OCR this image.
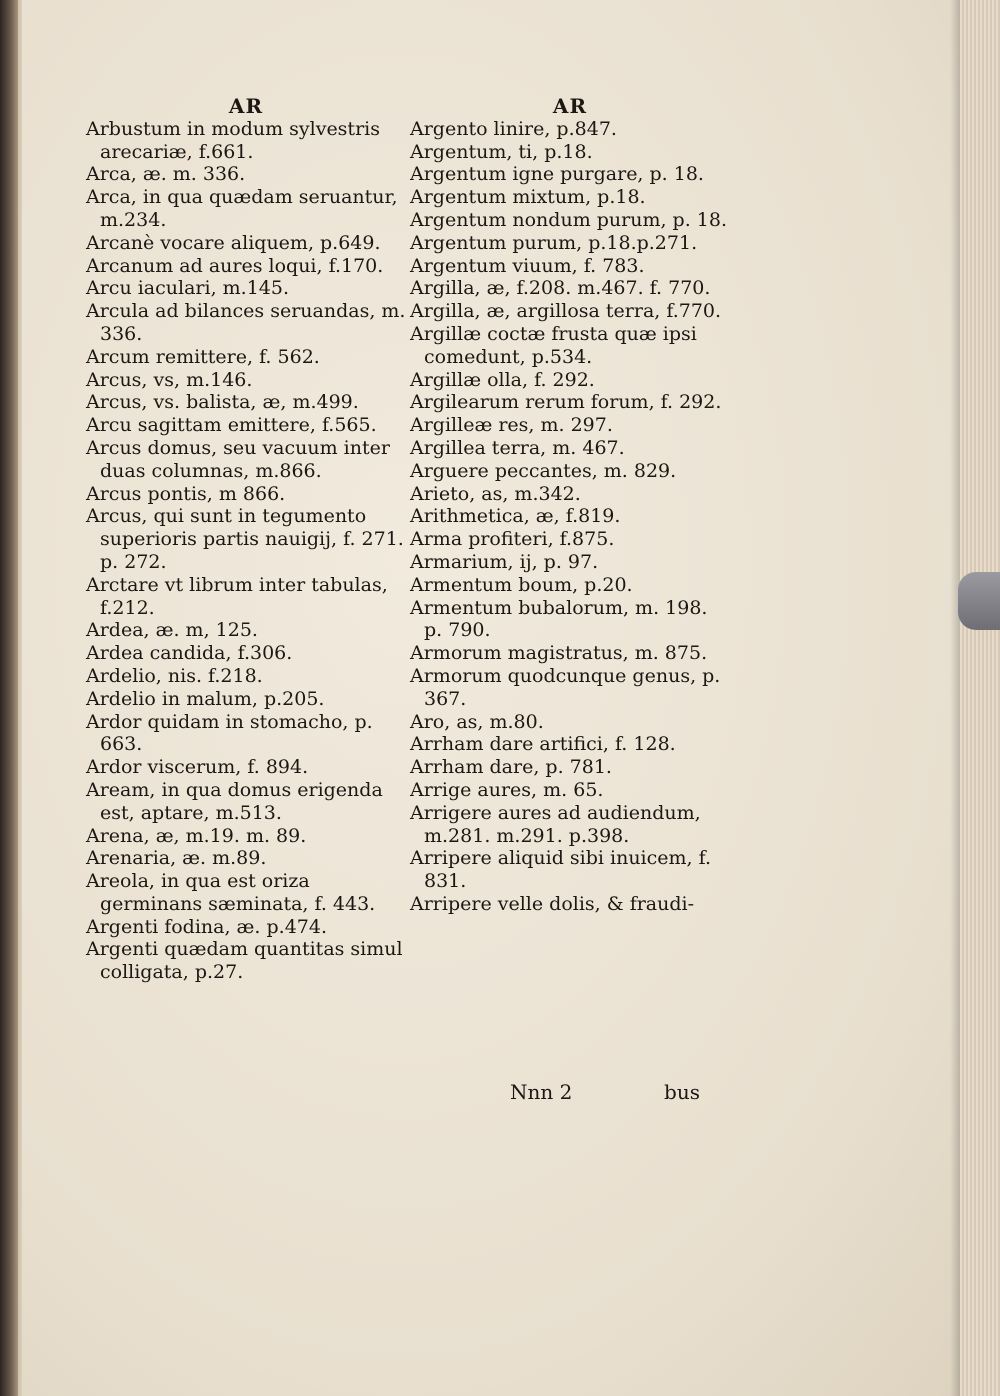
AR

Arbustum in modum sylvestris arecariæ, f.661.

Arca, æ. m. 336.

Arca, in qua quædam seruantur, m.234.

Arcanè vocare aliquem, p.649.

Arcanum ad aures loqui, f.170.

Arcu iaculari, m.145.

Arcula ad bilances seruandas, m. 336.

Arcum remittere, f. 562.

Arcus, vs, m.146.

Arcus, vs. balista, æ, m.499.

Arcu sagittam emittere, f.565.

Arcus domus, seu vacuum inter duas columnas, m.866.

Arcus pontis, m 866.

Arcus, qui sunt in tegumento superioris partis nauigij, f. 271. p. 272.

Arctare vt librum inter tabulas, f.212.

Ardea, æ. m, 125.

Ardea candida, f.306.

Ardelio, nis. f.218.

Ardelio in malum, p.205.

Ardor quidam in stomacho, p. 663.

Ardor viscerum, f. 894.

Aream, in qua domus erigenda est, aptare, m.513.

Arena, æ, m.19. m. 89.

Arenaria, æ. m.89.

Areola, in qua est oriza germinans sæminata, f. 443.

Argenti fodina, æ. p.474.

Argenti quædam quantitas simul colligata, p.27.

AR

Argento linire, p.847.

Argentum, ti, p.18.

Argentum igne purgare, p. 18.

Argentum mixtum, p.18.

Argentum nondum purum, p. 18.

Argentum purum, p.18.p.271.

Argentum viuum, f. 783.

Argilla, æ, f.208. m.467. f. 770.

Argilla, æ, argillosa terra, f.770.

Argillæ coctæ frusta quæ ipsi comedunt, p.534.

Argillæ olla, f. 292.

Argilearum rerum forum, f. 292.

Argilleæ res, m. 297.

Argillea terra, m. 467.

Arguere peccantes, m. 829.

Arieto, as, m.342.

Arithmetica, æ, f.819.

Arma profiteri, f.875.

Armarium, ij, p. 97.

Armentum boum, p.20.

Armentum bubalorum, m. 198. p. 790.

Armorum magistratus, m. 875.

Armorum quodcunque genus, p. 367.

Aro, as, m.80.

Arrham dare artifici, f. 128.

Arrham dare, p. 781.

Arrige aures, m. 65.

Arrigere aures ad audiendum, m.281. m.291. p.398.

Arripere aliquid sibi inuicem, f. 831.

Arripere velle dolis, & fraudi-

Nnn 2	bus
